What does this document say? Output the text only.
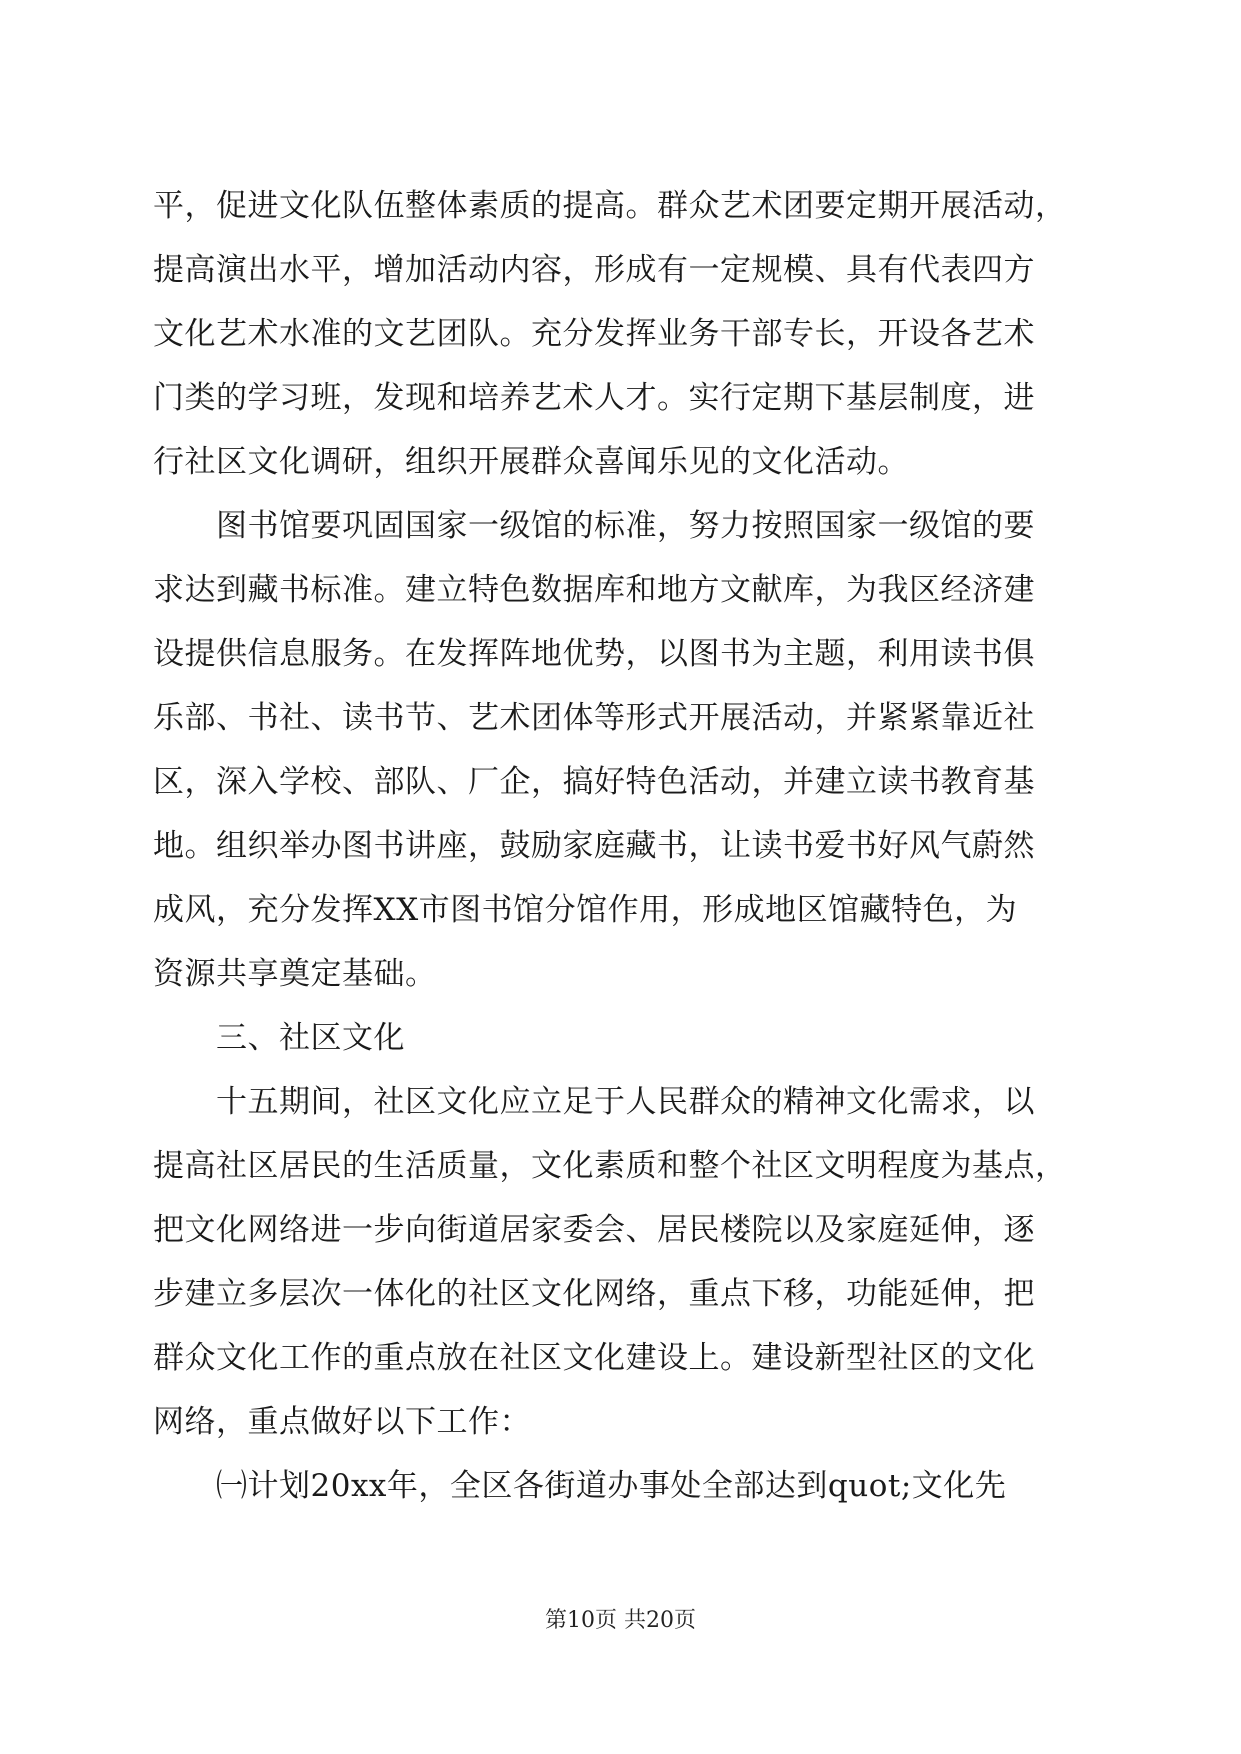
平，促进文化队伍整体素质的提高。群众艺术团要定期开展活动，
提高演出水平，增加活动内容，形成有一定规模、具有代表四方
文化艺术水准的文艺团队。充分发挥业务干部专长，开设各艺术
门类的学习班，发现和培养艺术人才。实行定期下基层制度，进
行社区文化调研，组织开展群众喜闻乐见的文化活动。
图书馆要巩固国家一级馆的标准，努力按照国家一级馆的要
求达到藏书标准。建立特色数据库和地方文献库，为我区经济建
设提供信息服务。在发挥阵地优势，以图书为主题，利用读书俱
乐部、书社、读书节、艺术团体等形式开展活动，并紧紧靠近社
区，深入学校、部队、厂企，搞好特色活动，并建立读书教育基
地。组织举办图书讲座，鼓励家庭藏书，让读书爱书好风气蔚然
成风，充分发挥XX市图书馆分馆作用，形成地区馆藏特色，为
资源共享奠定基础。
三、社区文化
十五期间，社区文化应立足于人民群众的精神文化需求，以
提高社区居民的生活质量，文化素质和整个社区文明程度为基点，
把文化网络进一步向街道居家委会、居民楼院以及家庭延伸，逐
步建立多层次一体化的社区文化网络，重点下移，功能延伸，把
群众文化工作的重点放在社区文化建设上。建设新型社区的文化
网络，重点做好以下工作：
㈠计划20xx年，全区各街道办事处全部达到quot;文化先
第10页 共20页
